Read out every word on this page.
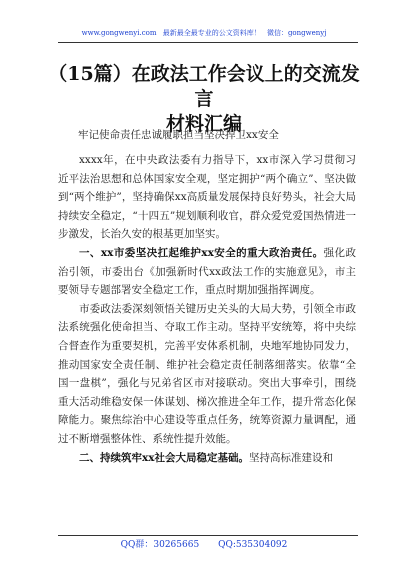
www.gongwenyi.com 最新最全最专业的公文资料库！ 微信：gongwenyj
（15篇）在政法工作会议上的交流发言
材料汇编
牢记使命责任忠诚履职担当坚决捍卫xx安全

xxxx年，在中央政法委有力指导下，xx市深入学习贯彻习近平法治思想和总体国家安全观，坚定拥护“两个确立”、坚决做到“两个维护”，坚持确保xx高质量发展保持良好势头，社会大局持续安全稳定，“十四五”规划顺利收官，群众爱党爱国热情进一步激发，长治久安的根基更加坚实。

一、xx市委坚决扛起维护xx安全的重大政治责任。强化政治引领，市委出台《加强新时代xx政法工作的实施意见》，市主要领导专题部署安全稳定工作，重点时期加强指挥调度。

市委政法委深刻领悟关键历史关头的大局大势，引领全市政法系统强化使命担当、夺取工作主动。坚持平安统筹，将中央综合督查作为重要契机，完善平安体系机制，央地军地协同发力，推动国家安全责任制、维护社会稳定责任制落细落实。依靠“全国一盘棋”，强化与兄弟省区市对接联动。突出大事牵引，围绕重大活动维稳安保一体谋划、梯次推进全年工作，提升常态化保障能力。聚焦综治中心建设等重点任务，统筹资源力量调配，通过不断增强整体性、系统性提升效能。

二、持续筑牢xx社会大局稳定基础。坚持高标准建设和

QQ群：30265665 QQ:535304092
